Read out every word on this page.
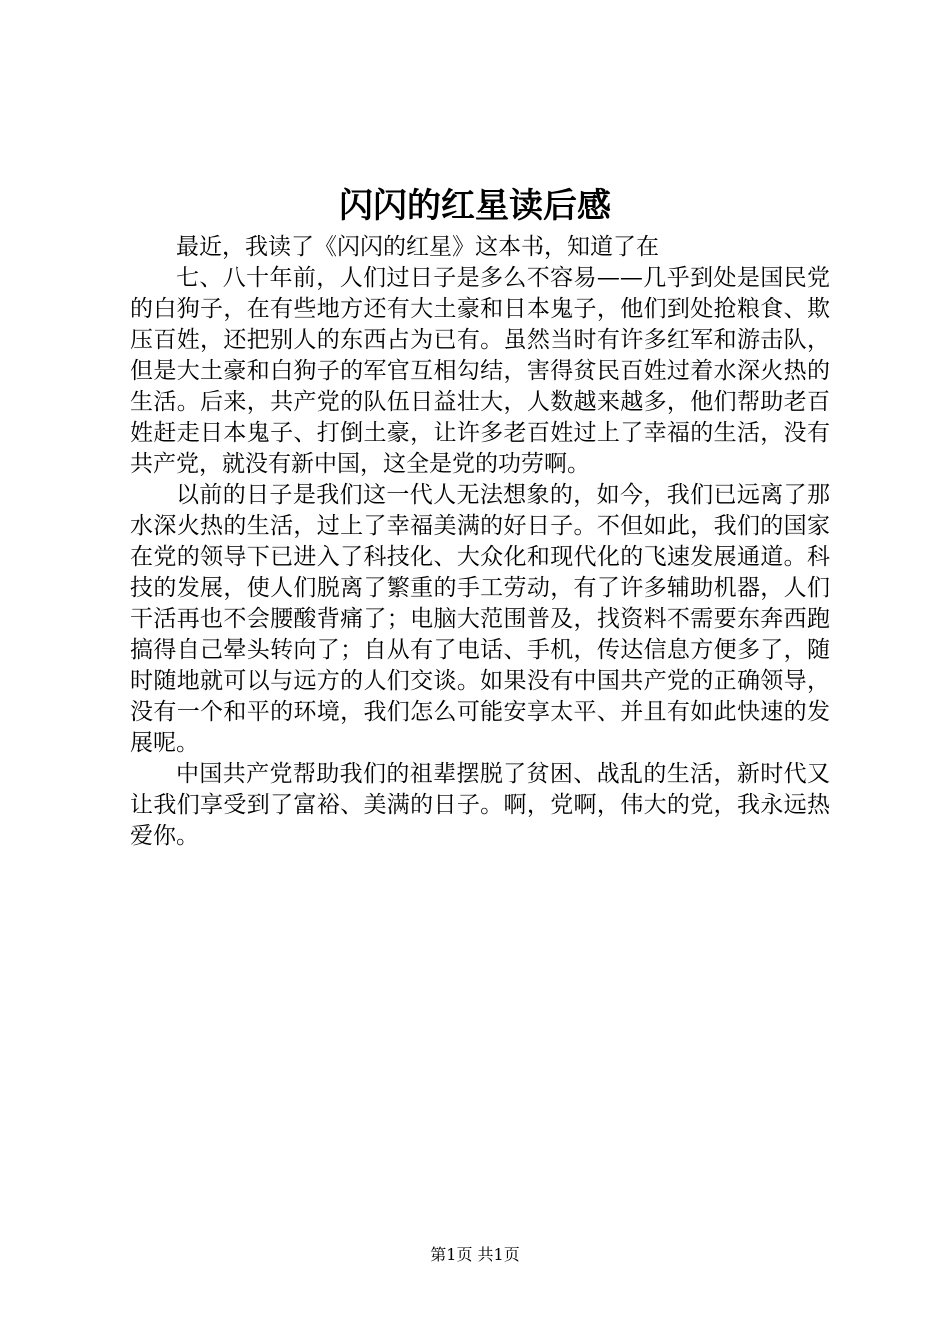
闪闪的红星读后感

最近，我读了《闪闪的红星》这本书，知道了在

七、八十年前，人们过日子是多么不容易——几乎到处是国民党的白狗子，在有些地方还有大土豪和日本鬼子，他们到处抢粮食、欺压百姓，还把别人的东西占为已有。虽然当时有许多红军和游击队，但是大土豪和白狗子的军官互相勾结，害得贫民百姓过着水深火热的生活。后来，共产党的队伍日益壮大，人数越来越多，他们帮助老百姓赶走日本鬼子、打倒土豪，让许多老百姓过上了幸福的生活，没有共产党，就没有新中国，这全是党的功劳啊。

以前的日子是我们这一代人无法想象的，如今，我们已远离了那水深火热的生活，过上了幸福美满的好日子。不但如此，我们的国家在党的领导下已进入了科技化、大众化和现代化的飞速发展通道。科技的发展，使人们脱离了繁重的手工劳动，有了许多辅助机器，人们干活再也不会腰酸背痛了；电脑大范围普及，找资料不需要东奔西跑搞得自己晕头转向了；自从有了电话、手机，传达信息方便多了，随时随地就可以与远方的人们交谈。如果没有中国共产党的正确领导，没有一个和平的环境，我们怎么可能安享太平、并且有如此快速的发展呢。

中国共产党帮助我们的祖辈摆脱了贫困、战乱的生活，新时代又让我们享受到了富裕、美满的日子。啊，党啊，伟大的党，我永远热爱你。

第1页 共1页
